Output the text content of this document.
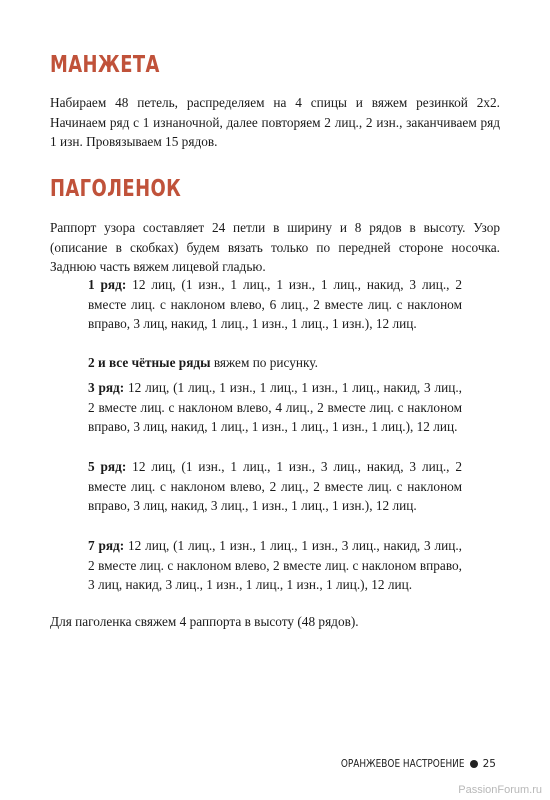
МАНЖЕТА

Набираем 48 петель, распределяем на 4 спицы и вяжем резинкой 2х2. Начинаем ряд с 1 изнаночной, далее повторяем 2 лиц., 2 изн., заканчиваем ряд 1 изн. Провязываем 15 рядов.

ПАГОЛЕНОК

Раппорт узора составляет 24 петли в ширину и 8 рядов в высоту. Узор (описание в скобках) будем вязать только по передней стороне носочка. Заднюю часть вяжем лицевой гладью.

1 ряд: 12 лиц, (1 изн., 1 лиц., 1 изн., 1 лиц., накид, 3 лиц., 2 вместе лиц. с наклоном влево, 6 лиц., 2 вместе лиц. с наклоном вправо, 3 лиц, накид, 1 лиц., 1 изн., 1 лиц., 1 изн.), 12 лиц.

2 и все чётные ряды вяжем по рисунку.

3 ряд: 12 лиц, (1 лиц., 1 изн., 1 лиц., 1 изн., 1 лиц., накид, 3 лиц., 2 вместе лиц. с наклоном влево, 4 лиц., 2 вместе лиц. с наклоном вправо, 3 лиц, накид, 1 лиц., 1 изн., 1 лиц., 1 изн., 1 лиц.), 12 лиц.

5 ряд: 12 лиц, (1 изн., 1 лиц., 1 изн., 3 лиц., накид, 3 лиц., 2 вместе лиц. с наклоном влево, 2 лиц., 2 вместе лиц. с наклоном вправо, 3 лиц, накид, 3 лиц., 1 изн., 1 лиц., 1 изн.), 12 лиц.

7 ряд: 12 лиц, (1 лиц., 1 изн., 1 лиц., 1 изн., 3 лиц., накид, 3 лиц., 2 вместе лиц. с наклоном влево, 2 вместе лиц. с наклоном вправо, 3 лиц, накид, 3 лиц., 1 изн., 1 лиц., 1 изн., 1 лиц.), 12 лиц.

Для паголенка свяжем 4 раппорта в высоту (48 рядов).

ОРАНЖЕВОЕ НАСТРОЕНИЕ 25
PassionForum.ru
